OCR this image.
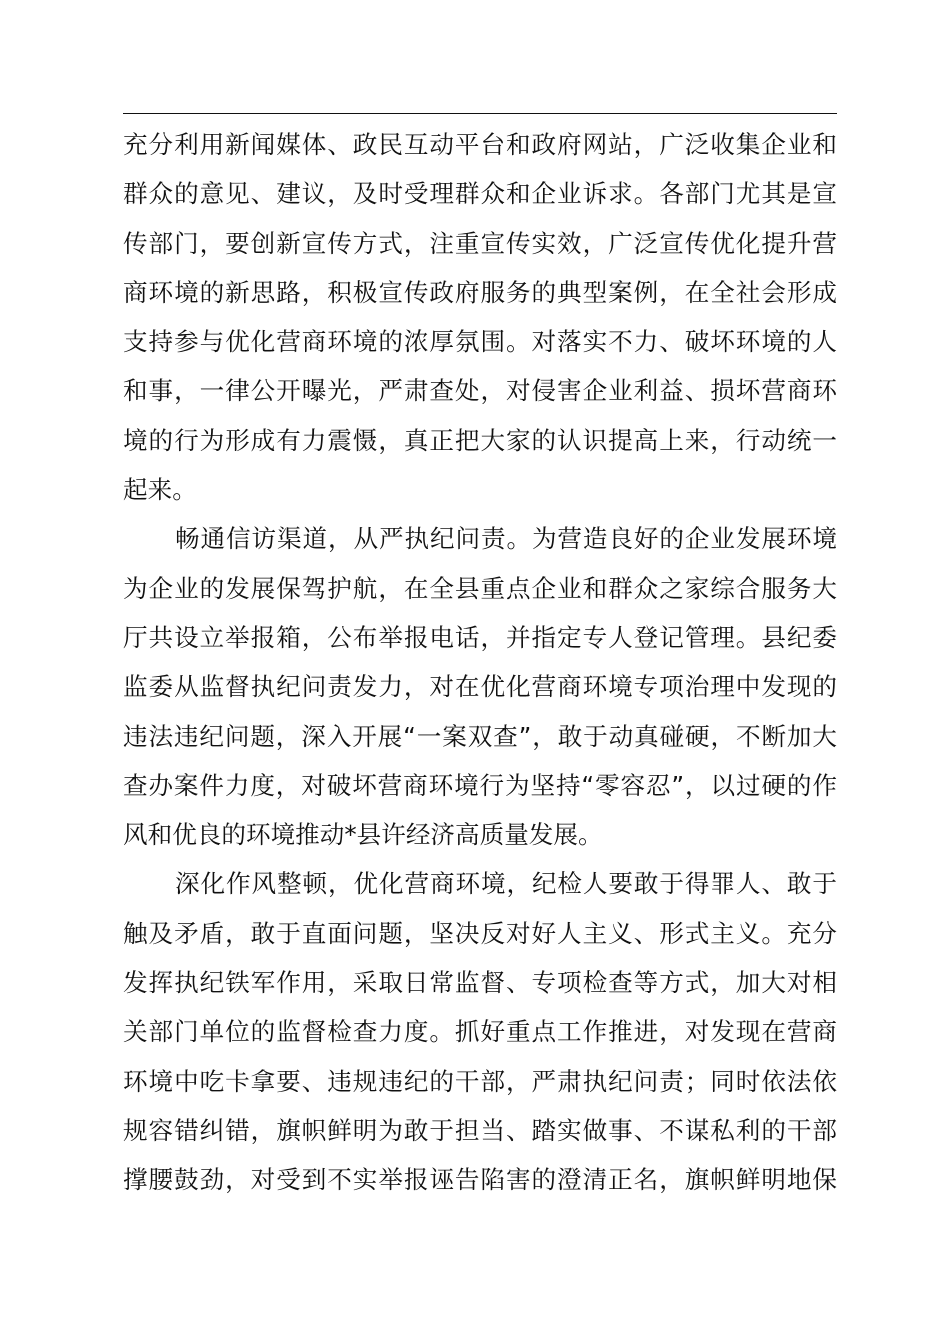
充分利用新闻媒体、政民互动平台和政府网站，广泛收集企业和
群众的意见、建议，及时受理群众和企业诉求。各部门尤其是宣
传部门，要创新宣传方式，注重宣传实效，广泛宣传优化提升营
商环境的新思路，积极宣传政府服务的典型案例，在全社会形成
支持参与优化营商环境的浓厚氛围。对落实不力、破坏环境的人
和事，一律公开曝光，严肃查处，对侵害企业利益、损坏营商环
境的行为形成有力震慑，真正把大家的认识提高上来，行动统一
起来。
畅通信访渠道，从严执纪问责。为营造良好的企业发展环境
为企业的发展保驾护航，在全县重点企业和群众之家综合服务大
厅共设立举报箱，公布举报电话，并指定专人登记管理。县纪委
监委从监督执纪问责发力，对在优化营商环境专项治理中发现的
违法违纪问题，深入开展“一案双查”，敢于动真碰硬，不断加大
查办案件力度，对破坏营商环境行为坚持“零容忍”，以过硬的作
风和优良的环境推动*县许经济高质量发展。
深化作风整顿，优化营商环境，纪检人要敢于得罪人、敢于
触及矛盾，敢于直面问题，坚决反对好人主义、形式主义。充分
发挥执纪铁军作用，采取日常监督、专项检查等方式，加大对相
关部门单位的监督检查力度。抓好重点工作推进，对发现在营商
环境中吃卡拿要、违规违纪的干部，严肃执纪问责；同时依法依
规容错纠错，旗帜鲜明为敢于担当、踏实做事、不谋私利的干部
撑腰鼓劲，对受到不实举报诬告陷害的澄清正名，旗帜鲜明地保
